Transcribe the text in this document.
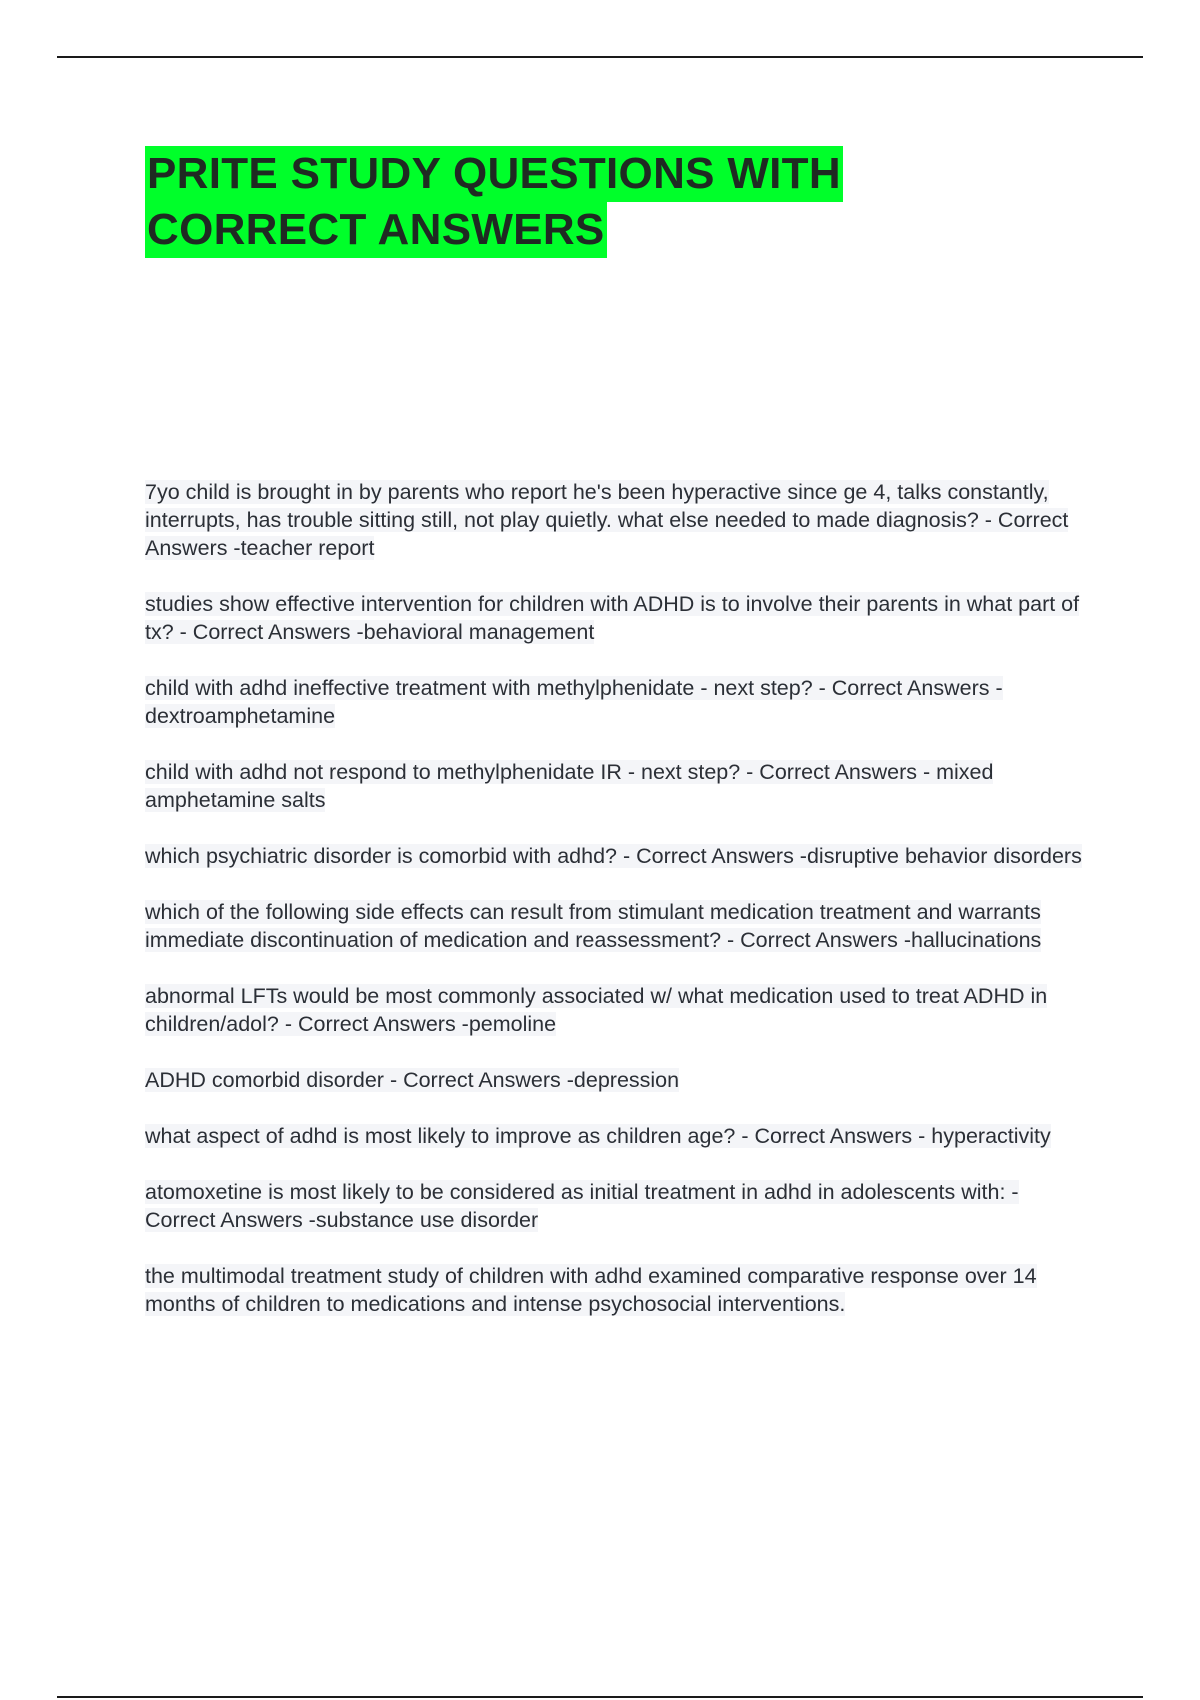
PRITE STUDY QUESTIONS WITH
CORRECT ANSWERS
7yo child is brought in by parents who report he's been hyperactive since ge 4, talks constantly, interrupts, has trouble sitting still, not play quietly. what else needed to made diagnosis? - Correct Answers -teacher report
studies show effective intervention for children with ADHD is to involve their parents in what part of tx? - Correct Answers -behavioral management
child with adhd ineffective treatment with methylphenidate - next step? - Correct Answers -dextroamphetamine
child with adhd not respond to methylphenidate IR - next step? - Correct Answers - mixed amphetamine salts
which psychiatric disorder is comorbid with adhd? - Correct Answers -disruptive behavior disorders
which of the following side effects can result from stimulant medication treatment and warrants immediate discontinuation of medication and reassessment? - Correct Answers -hallucinations
abnormal LFTs would be most commonly associated w/ what medication used to treat ADHD in children/adol? - Correct Answers -pemoline
ADHD comorbid disorder - Correct Answers -depression
what aspect of adhd is most likely to improve as children age? - Correct Answers - hyperactivity
atomoxetine is most likely to be considered as initial treatment in adhd in adolescents with: - Correct Answers -substance use disorder
the multimodal treatment study of children with adhd examined comparative response over 14 months of children to medications and intense psychosocial interventions.
